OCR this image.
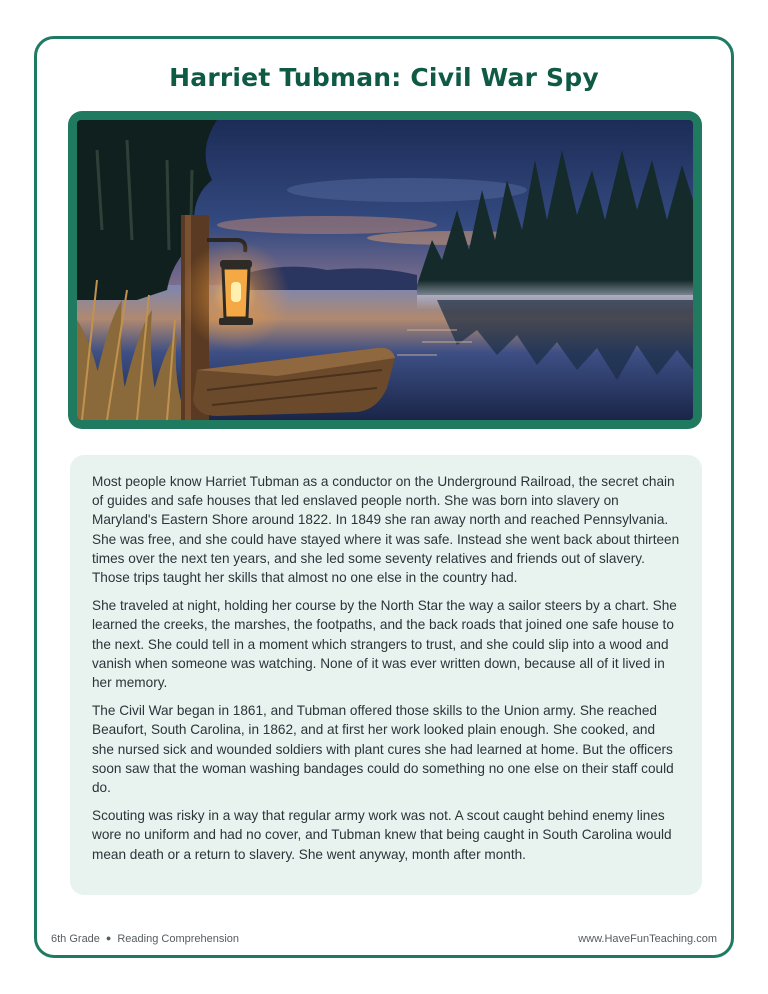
Harriet Tubman: Civil War Spy

Most people know Harriet Tubman as a conductor on the Underground Railroad, the secret chain of guides and safe houses that led enslaved people north. She was born into slavery on Maryland's Eastern Shore around 1822. In 1849 she ran away north and reached Pennsylvania. She was free, and she could have stayed where it was safe. Instead she went back about thirteen times over the next ten years, and she led some seventy relatives and friends out of slavery. Those trips taught her skills that almost no one else in the country had.

She traveled at night, holding her course by the North Star the way a sailor steers by a chart. She learned the creeks, the marshes, the footpaths, and the back roads that joined one safe house to the next. She could tell in a moment which strangers to trust, and she could slip into a wood and vanish when someone was watching. None of it was ever written down, because all of it lived in her memory.

The Civil War began in 1861, and Tubman offered those skills to the Union army. She reached Beaufort, South Carolina, in 1862, and at first her work looked plain enough. She cooked, and she nursed sick and wounded soldiers with plant cures she had learned at home. But the officers soon saw that the woman washing bandages could do something no one else on their staff could do.

Scouting was risky in a way that regular army work was not. A scout caught behind enemy lines wore no uniform and had no cover, and Tubman knew that being caught in South Carolina would mean death or a return to slavery. She went anyway, month after month.

6th Grade ● Reading Comprehension	www.HaveFunTeaching.com
